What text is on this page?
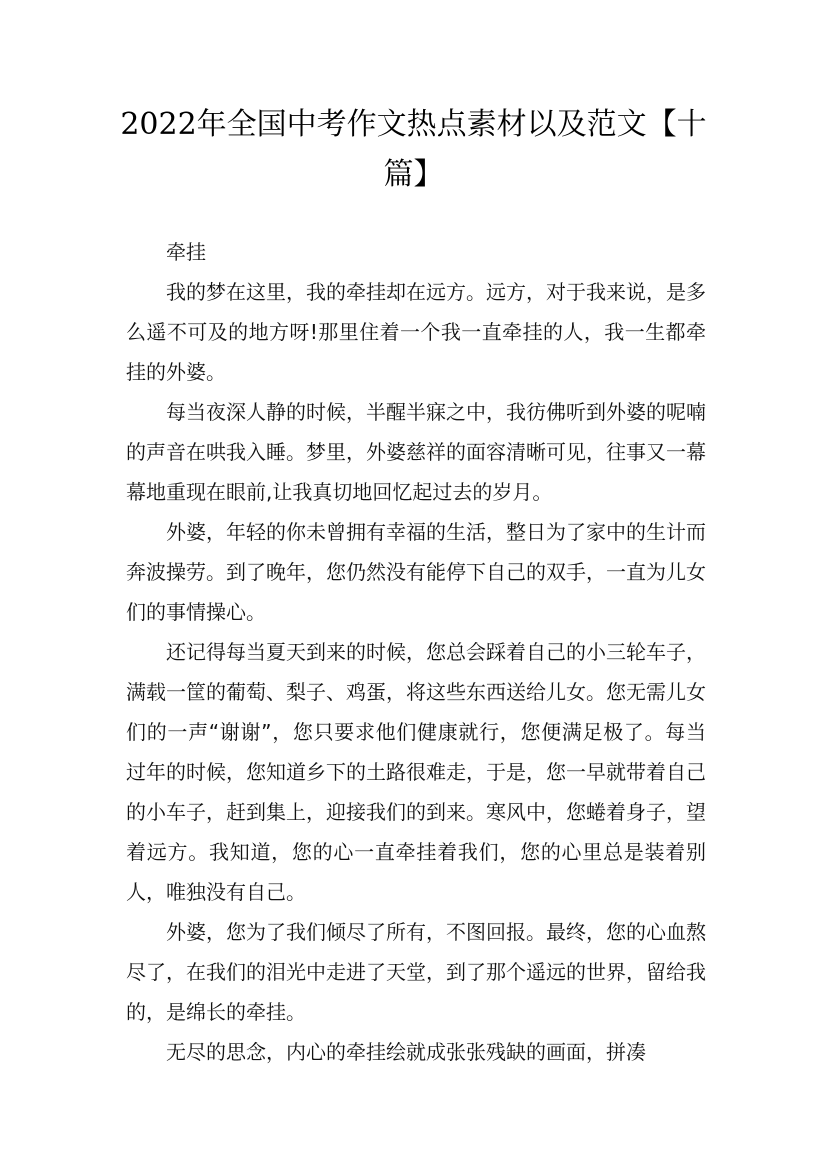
2022年全国中考作文热点素材以及范文【十篇】

牵挂

我的梦在这里，我的牵挂却在远方。远方，对于我来说，是多么遥不可及的地方呀!那里住着一个我一直牵挂的人，我一生都牵挂的外婆。

每当夜深人静的时候，半醒半寐之中，我彷佛听到外婆的呢喃的声音在哄我入睡。梦里，外婆慈祥的面容清晰可见，往事又一幕幕地重现在眼前,让我真切地回忆起过去的岁月。

外婆，年轻的你未曾拥有幸福的生活，整日为了家中的生计而奔波操劳。到了晚年，您仍然没有能停下自己的双手，一直为儿女们的事情操心。

还记得每当夏天到来的时候，您总会踩着自己的小三轮车子，满载一筐的葡萄、梨子、鸡蛋，将这些东西送给儿女。您无需儿女们的一声“谢谢”，您只要求他们健康就行，您便满足极了。每当过年的时候，您知道乡下的土路很难走，于是，您一早就带着自己的小车子，赶到集上，迎接我们的到来。寒风中，您蜷着身子，望着远方。我知道，您的心一直牵挂着我们，您的心里总是装着别人，唯独没有自己。

外婆，您为了我们倾尽了所有，不图回报。最终，您的心血熬尽了，在我们的泪光中走进了天堂，到了那个遥远的世界，留给我的，是绵长的牵挂。

无尽的思念，内心的牵挂绘就成张张残缺的画面，拼凑
